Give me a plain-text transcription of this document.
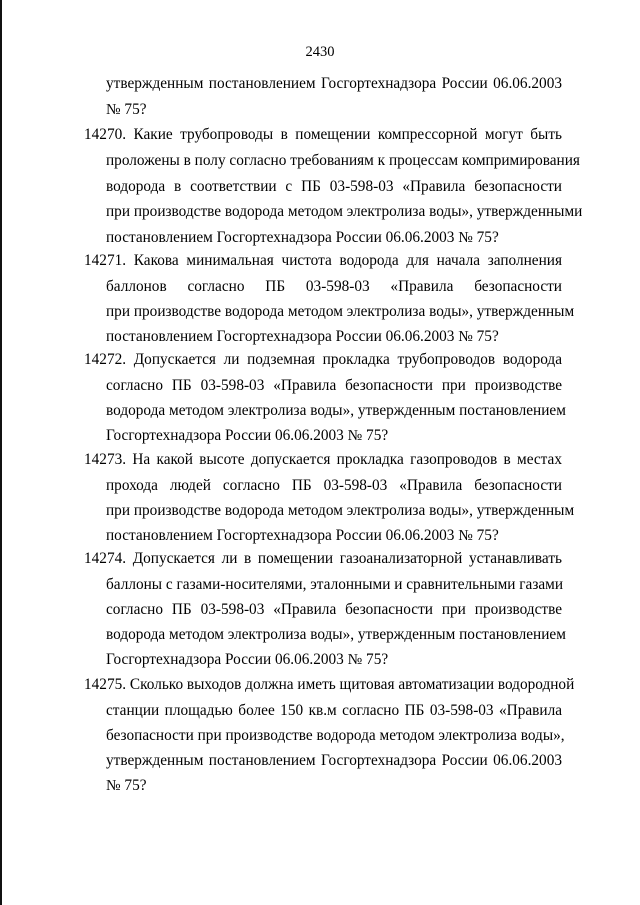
2430
утвержденным постановлением Госгортехнадзора России 06.06.2003
№ 75?
14270. Какие трубопроводы в помещении компрессорной могут быть
проложены в полу согласно требованиям к процессам компримирования
водорода в соответствии с ПБ 03-598-03 «Правила безопасности
при производстве водорода методом электролиза воды», утвержденными
постановлением Госгортехнадзора России 06.06.2003 № 75?
14271. Какова минимальная чистота водорода для начала заполнения
баллонов согласно ПБ 03-598-03 «Правила безопасности
при производстве водорода методом электролиза воды», утвержденным
постановлением Госгортехнадзора России 06.06.2003 № 75?
14272. Допускается ли подземная прокладка трубопроводов водорода
согласно ПБ 03-598-03 «Правила безопасности при производстве
водорода методом электролиза воды», утвержденным постановлением
Госгортехнадзора России 06.06.2003 № 75?
14273. На какой высоте допускается прокладка газопроводов в местах
прохода людей согласно ПБ 03-598-03 «Правила безопасности
при производстве водорода методом электролиза воды», утвержденным
постановлением Госгортехнадзора России 06.06.2003 № 75?
14274. Допускается ли в помещении газоанализаторной устанавливать
баллоны с газами-носителями, эталонными и сравнительными газами
согласно ПБ 03-598-03 «Правила безопасности при производстве
водорода методом электролиза воды», утвержденным постановлением
Госгортехнадзора России 06.06.2003 № 75?
14275. Сколько выходов должна иметь щитовая автоматизации водородной
станции площадью более 150 кв.м согласно ПБ 03-598-03 «Правила
безопасности при производстве водорода методом электролиза воды»,
утвержденным постановлением Госгортехнадзора России 06.06.2003
№ 75?
